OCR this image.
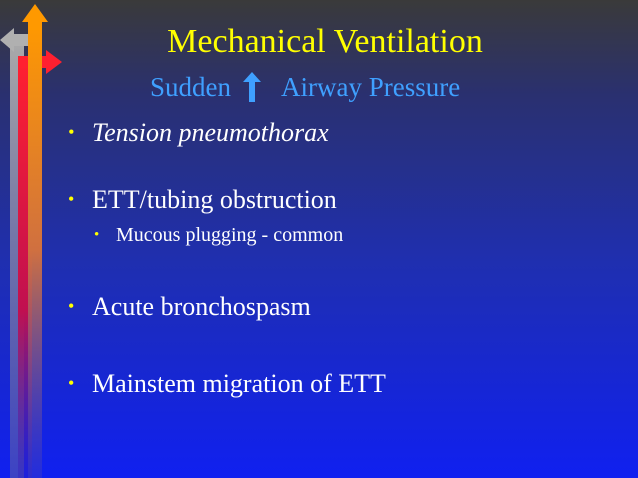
Mechanical Ventilation
Sudden Airway Pressure
• Tension pneumothorax
• ETT/tubing obstruction
• Mucous plugging - common
• Acute bronchospasm
• Mainstem migration of ETT
